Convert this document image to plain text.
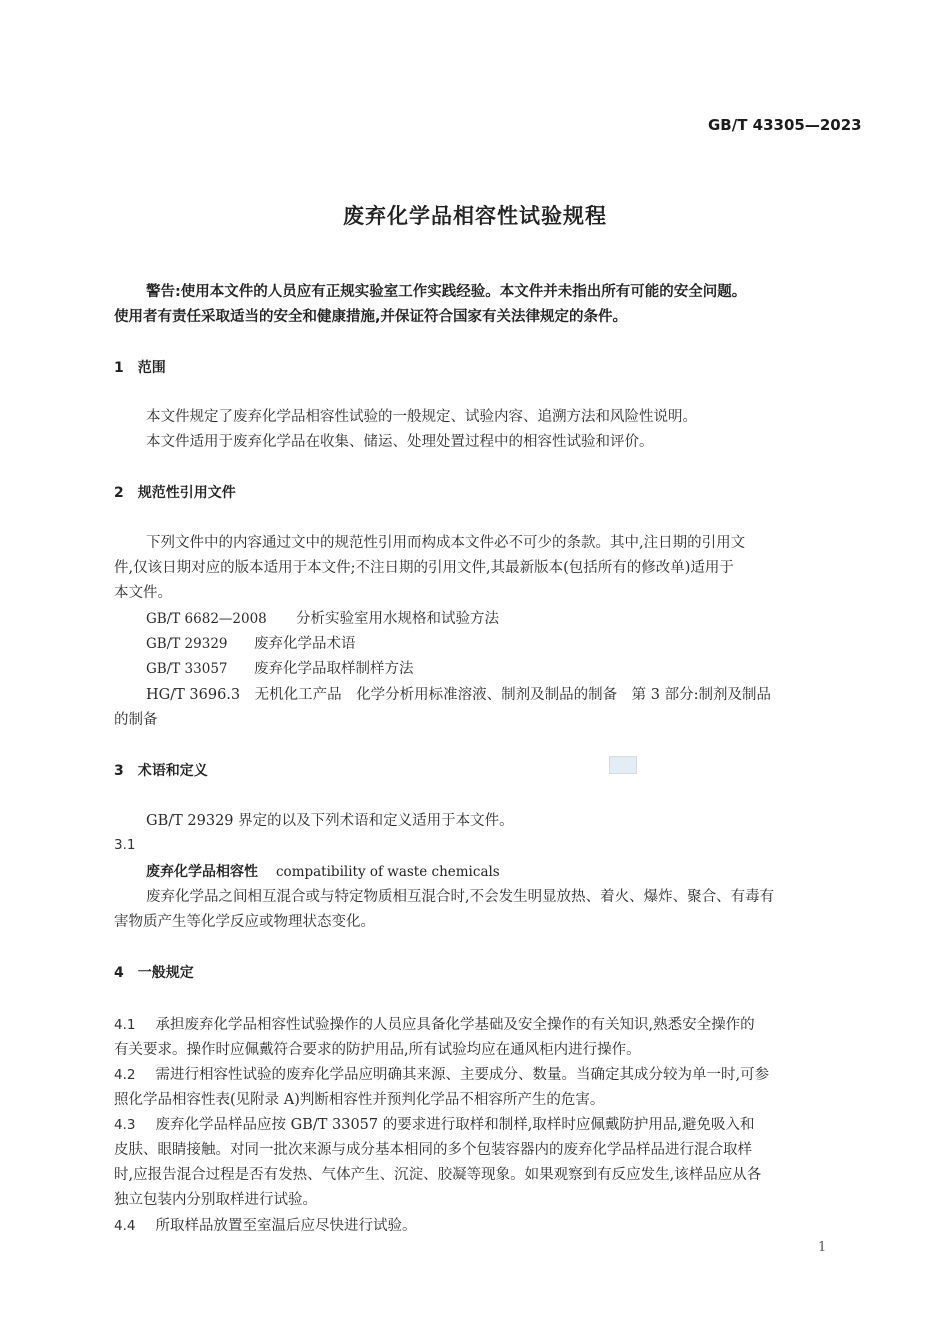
GB/T 43305—2023
废弃化学品相容性试验规程
警告:使用本文件的人员应有正规实验室工作实践经验。本文件并未指出所有可能的安全问题。
使用者有责任采取适当的安全和健康措施,并保证符合国家有关法律规定的条件。
1　范围
本文件规定了废弃化学品相容性试验的一般规定、试验内容、追溯方法和风险性说明。
本文件适用于废弃化学品在收集、储运、处理处置过程中的相容性试验和评价。
2　规范性引用文件
下列文件中的内容通过文中的规范性引用而构成本文件必不可少的条款。其中,注日期的引用文
件,仅该日期对应的版本适用于本文件;不注日期的引用文件,其最新版本(包括所有的修改单)适用于
本文件。
GB/T 6682—2008 分析实验室用水规格和试验方法
GB/T 29329 废弃化学品术语
GB/T 33057 废弃化学品取样制样方法
HG/T 3696.3　无机化工产品　化学分析用标准溶液、制剂及制品的制备　第 3 部分:制剂及制品
的制备
3　术语和定义
GB/T 29329 界定的以及下列术语和定义适用于本文件。
3.1
废弃化学品相容性 compatibility of waste chemicals
废弃化学品之间相互混合或与特定物质相互混合时,不会发生明显放热、着火、爆炸、聚合、有毒有
害物质产生等化学反应或物理状态变化。
4　一般规定
4.1 承担废弃化学品相容性试验操作的人员应具备化学基础及安全操作的有关知识,熟悉安全操作的
有关要求。操作时应佩戴符合要求的防护用品,所有试验均应在通风柜内进行操作。
4.2 需进行相容性试验的废弃化学品应明确其来源、主要成分、数量。当确定其成分较为单一时,可参
照化学品相容性表(见附录 A)判断相容性并预判化学品不相容所产生的危害。
4.3 废弃化学品样品应按 GB/T 33057 的要求进行取样和制样,取样时应佩戴防护用品,避免吸入和
皮肤、眼睛接触。对同一批次来源与成分基本相同的多个包装容器内的废弃化学品样品进行混合取样
时,应报告混合过程是否有发热、气体产生、沉淀、胶凝等现象。如果观察到有反应发生,该样品应从各
独立包装内分别取样进行试验。
4.4 所取样品放置至室温后应尽快进行试验。
1
